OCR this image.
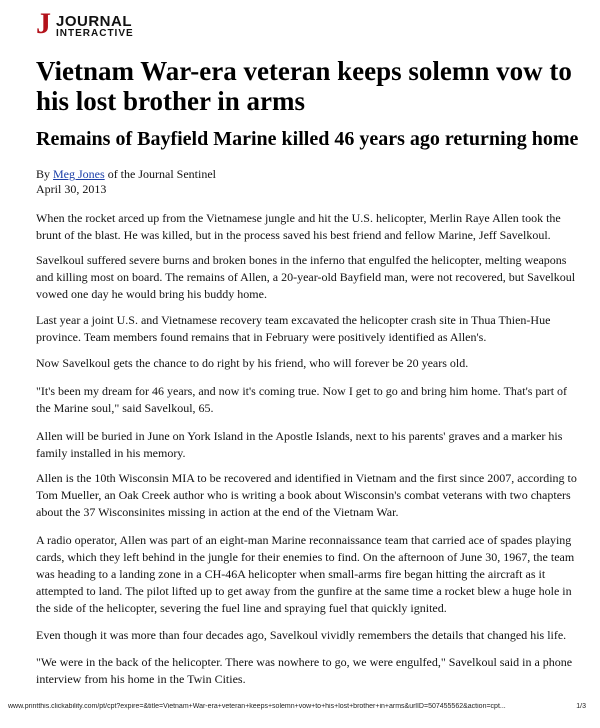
J JOURNAL
INTERACTIVE
Vietnam War-era veteran keeps solemn vow to his lost brother in arms
Remains of Bayfield Marine killed 46 years ago returning home
By Meg Jones of the Journal Sentinel
April 30, 2013

When the rocket arced up from the Vietnamese jungle and hit the U.S. helicopter, Merlin Raye Allen took the brunt of the blast. He was killed, but in the process saved his best friend and fellow Marine, Jeff Savelkoul.

Savelkoul suffered severe burns and broken bones in the inferno that engulfed the helicopter, melting weapons and killing most on board. The remains of Allen, a 20-year-old Bayfield man, were not recovered, but Savelkoul vowed one day he would bring his buddy home.

Last year a joint U.S. and Vietnamese recovery team excavated the helicopter crash site in Thua Thien-Hue province. Team members found remains that in February were positively identified as Allen's.

Now Savelkoul gets the chance to do right by his friend, who will forever be 20 years old.

"It's been my dream for 46 years, and now it's coming true. Now I get to go and bring him home. That's part of the Marine soul," said Savelkoul, 65.

Allen will be buried in June on York Island in the Apostle Islands, next to his parents' graves and a marker his family installed in his memory.

Allen is the 10th Wisconsin MIA to be recovered and identified in Vietnam and the first since 2007, according to Tom Mueller, an Oak Creek author who is writing a book about Wisconsin's combat veterans with two chapters about the 37 Wisconsinites missing in action at the end of the Vietnam War.

A radio operator, Allen was part of an eight-man Marine reconnaissance team that carried ace of spades playing cards, which they left behind in the jungle for their enemies to find. On the afternoon of June 30, 1967, the team was heading to a landing zone in a CH-46A helicopter when small-arms fire began hitting the aircraft as it attempted to land. The pilot lifted up to get away from the gunfire at the same time a rocket blew a huge hole in the side of the helicopter, severing the fuel line and spraying fuel that quickly ignited.

Even though it was more than four decades ago, Savelkoul vividly remembers the details that changed his life.

"We were in the back of the helicopter. There was nowhere to go, we were engulfed," Savelkoul said in a phone interview from his home in the Twin Cities.

www.printthis.clickability.com/pt/cpt?expire=&title=Vietnam+War-era+veteran+keeps+solemn+vow+to+his+lost+brother+in+arms&urlID=507455562&action=cpt...	1/3
